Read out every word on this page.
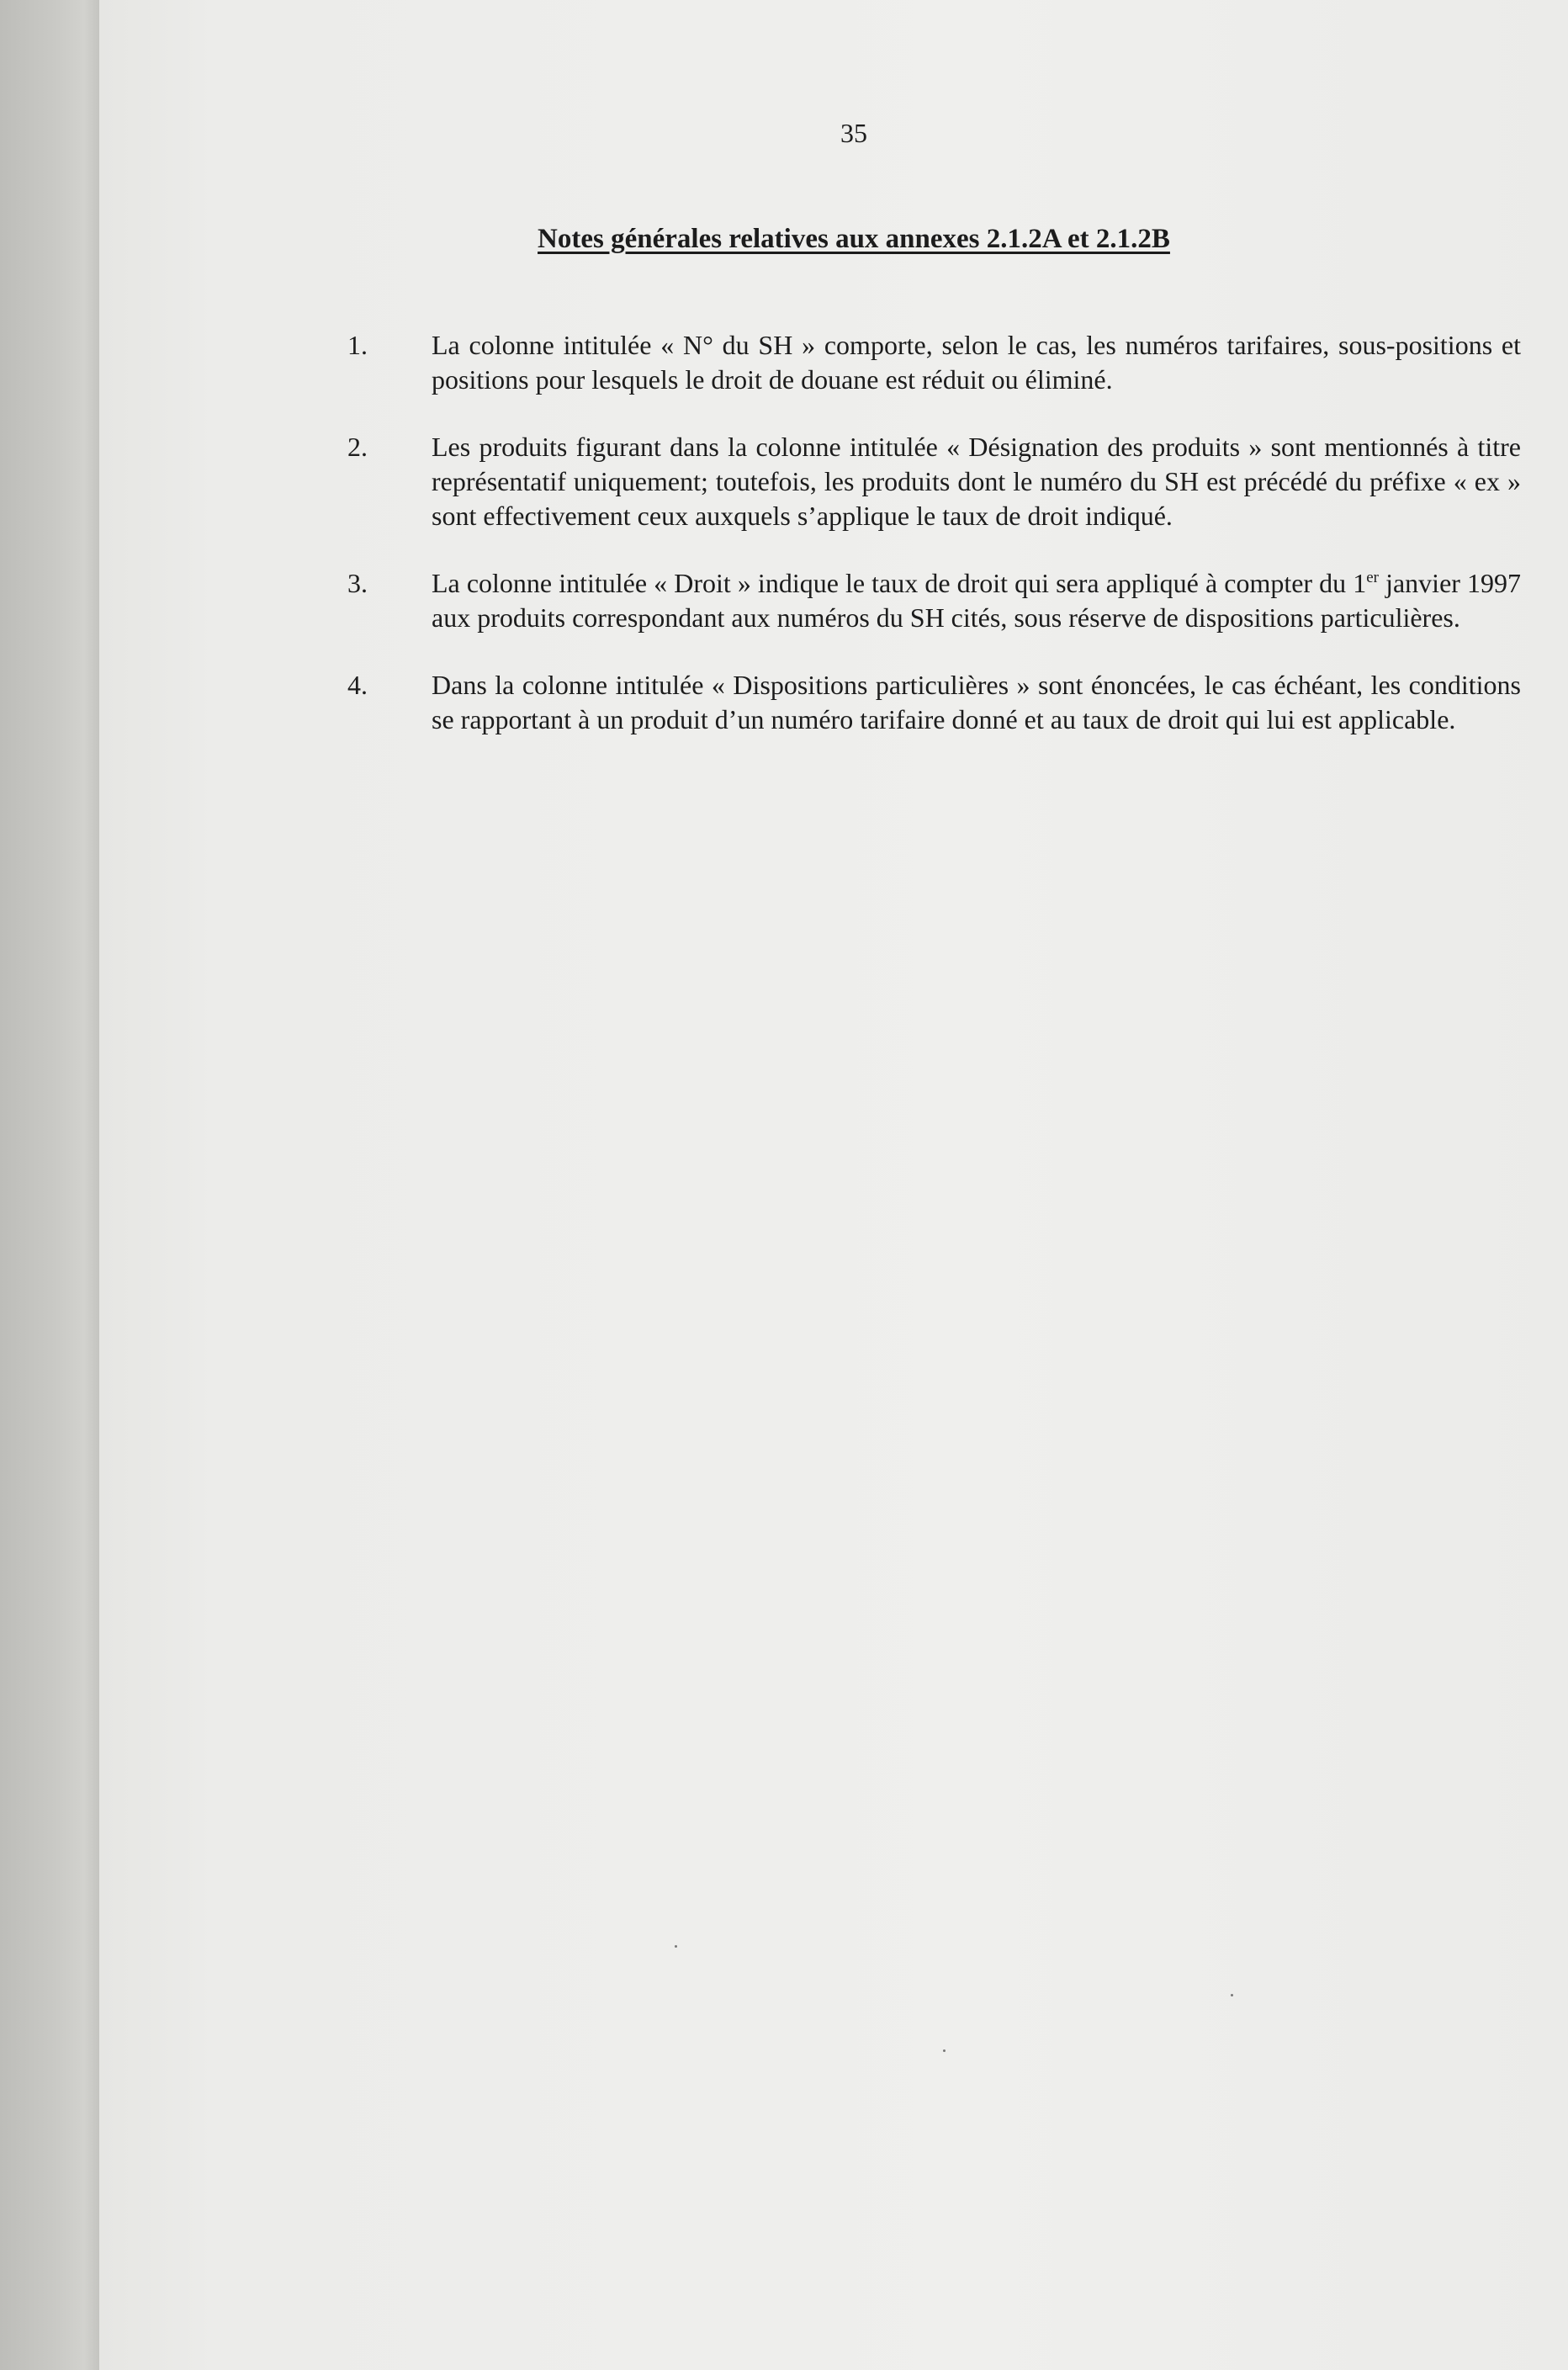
35
Notes générales relatives aux annexes 2.1.2A et 2.1.2B
1. La colonne intitulée « N° du SH » comporte, selon le cas, les numéros tarifaires, sous-positions et positions pour lesquels le droit de douane est réduit ou éliminé.
2. Les produits figurant dans la colonne intitulée « Désignation des produits » sont mentionnés à titre représentatif uniquement; toutefois, les produits dont le numéro du SH est précédé du préfixe « ex » sont effectivement ceux auxquels s’applique le taux de droit indiqué.
3. La colonne intitulée « Droit » indique le taux de droit qui sera appliqué à compter du 1er janvier 1997 aux produits correspondant aux numéros du SH cités, sous réserve de dispositions particulières.
4. Dans la colonne intitulée « Dispositions particulières » sont énoncées, le cas échéant, les conditions se rapportant à un produit d’un numéro tarifaire donné et au taux de droit qui lui est applicable.
